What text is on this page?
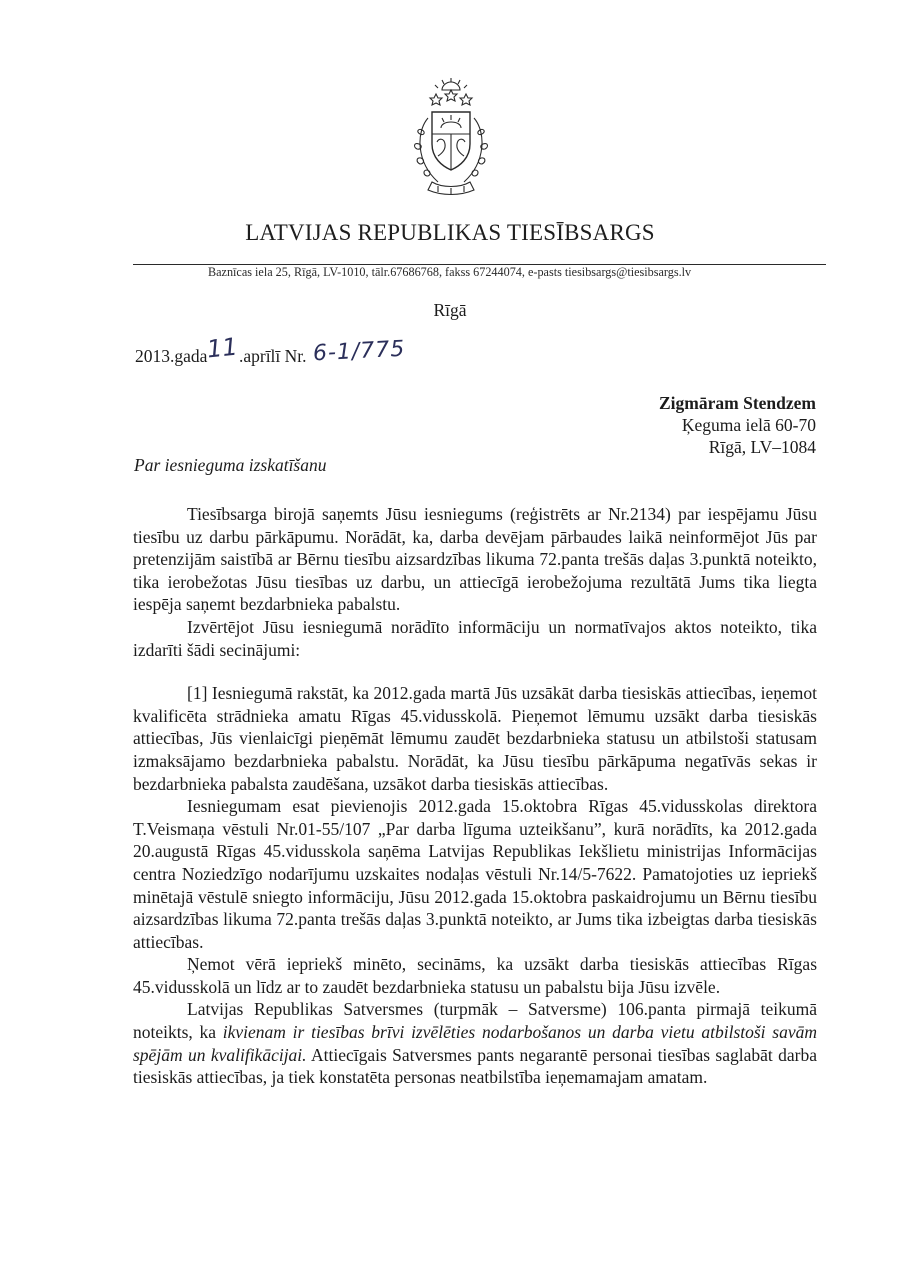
LATVIJAS REPUBLIKAS TIESĪBSARGS
Baznīcas iela 25, Rīgā, LV-1010, tālr.67686768, fakss 67244074, e-pasts tiesibsargs@tiesibsargs.lv
Rīgā
2013.gada11.aprīlī Nr. 6-1/775
Zigmāram Stendzem
Ķeguma ielā 60-70
Rīgā, LV–1084
Par iesnieguma izskatīšanu

Tiesībsarga birojā saņemts Jūsu iesniegums (reģistrēts ar Nr.2134) par iespējamu Jūsu tiesību uz darbu pārkāpumu. Norādāt, ka, darba devējam pārbaudes laikā neinformējot Jūs par pretenzijām saistībā ar Bērnu tiesību aizsardzības likuma 72.panta trešās daļas 3.punktā noteikto, tika ierobežotas Jūsu tiesības uz darbu, un attiecīgā ierobežojuma rezultātā Jums tika liegta iespēja saņemt bezdarbnieka pabalstu.

Izvērtējot Jūsu iesniegumā norādīto informāciju un normatīvajos aktos noteikto, tika izdarīti šādi secinājumi:

[1] Iesniegumā rakstāt, ka 2012.gada martā Jūs uzsākāt darba tiesiskās attiecības, ieņemot kvalificēta strādnieka amatu Rīgas 45.vidusskolā. Pieņemot lēmumu uzsākt darba tiesiskās attiecības, Jūs vienlaicīgi pieņēmāt lēmumu zaudēt bezdarbnieka statusu un atbilstoši statusam izmaksājamo bezdarbnieka pabalstu. Norādāt, ka Jūsu tiesību pārkāpuma negatīvās sekas ir bezdarbnieka pabalsta zaudēšana, uzsākot darba tiesiskās attiecības.

Iesniegumam esat pievienojis 2012.gada 15.oktobra Rīgas 45.vidusskolas direktora T.Veismaņa vēstuli Nr.01-55/107 „Par darba līguma uzteikšanu”, kurā norādīts, ka 2012.gada 20.augustā Rīgas 45.vidusskola saņēma Latvijas Republikas Iekšlietu ministrijas Informācijas centra Noziedzīgo nodarījumu uzskaites nodaļas vēstuli Nr.14/5-7622. Pamatojoties uz iepriekš minētajā vēstulē sniegto informāciju, Jūsu 2012.gada 15.oktobra paskaidrojumu un Bērnu tiesību aizsardzības likuma 72.panta trešās daļas 3.punktā noteikto, ar Jums tika izbeigtas darba tiesiskās attiecības.

Ņemot vērā iepriekš minēto, secināms, ka uzsākt darba tiesiskās attiecības Rīgas 45.vidusskolā un līdz ar to zaudēt bezdarbnieka statusu un pabalstu bija Jūsu izvēle.

Latvijas Republikas Satversmes (turpmāk – Satversme) 106.panta pirmajā teikumā noteikts, ka ikvienam ir tiesības brīvi izvēlēties nodarbošanos un darba vietu atbilstoši savām spējām un kvalifikācijai. Attiecīgais Satversmes pants negarantē personai tiesības saglabāt darba tiesiskās attiecības, ja tiek konstatēta personas neatbilstība ieņemamajam amatam.
